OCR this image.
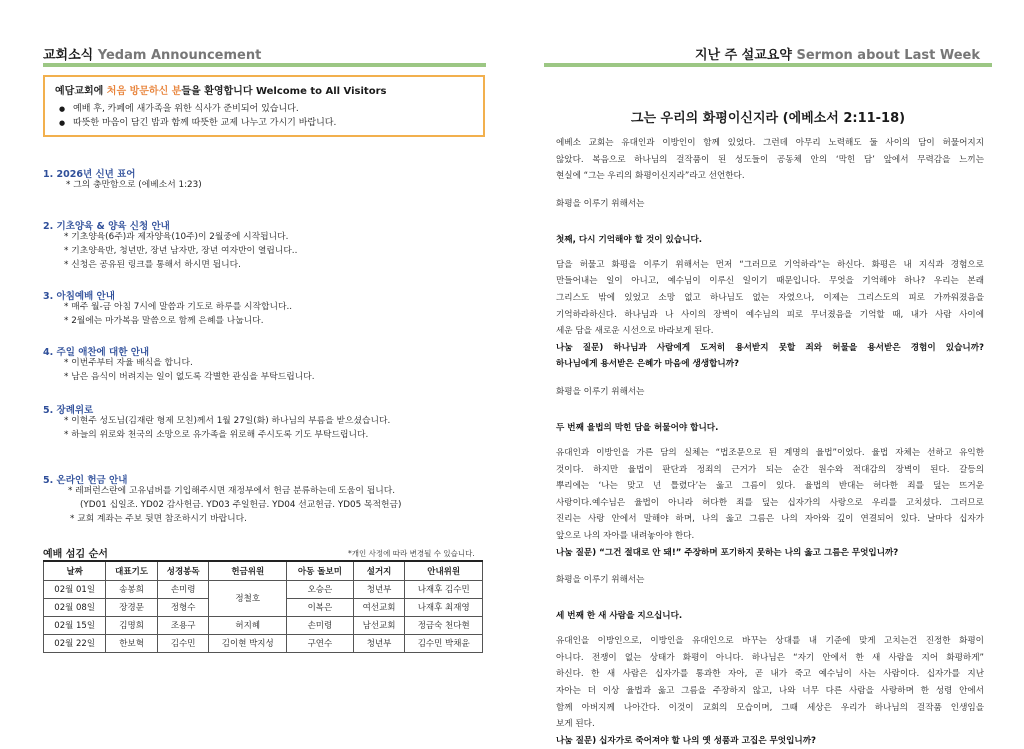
교회소식 Yedam Announcement
예담교회에 처음 방문하신 분들을 환영합니다 Welcome to All Visitors
● 예배 후, 카페에 새가족을 위한 식사가 준비되어 있습니다.
● 따뜻한 마음이 담긴 밥과 함께 따뜻한 교제 나누고 가시기 바랍니다.
1. 2026년 신년 표어
* 그의 충만함으로 (에베소서 1:23)
2. 기초양육 & 양육 신청 안내
* 기초양육(6주)과 제자양육(10주)이 2월중에 시작됩니다.
* 기초양육반, 청년반, 장년 남자반, 장년 여자반이 열립니다..
* 신청은 공유된 링크를 통해서 하시면 됩니다.
3. 아침예배 안내
* 매주 월-금 아침 7시에 말씀과 기도로 하루를 시작합니다..
* 2월에는 마가복음 말씀으로 함께 은혜를 나눕니다.
4. 주일 애찬에 대한 안내
* 이번주부터 자율 배식을 합니다.
* 남은 음식이 버려지는 일이 없도록 각별한 관심을 부탁드립니다.
5. 장례위로
* 이현주 성도님(김재란 형제 모친)께서 1월 27일(화) 하나님의 부름을 받으셨습니다.
* 하늘의 위로와 천국의 소망으로 유가족을 위로해 주시도록 기도 부탁드립니다.
5. 온라인 헌금 안내
* 레퍼런스란에 고유넘버를 기입해주시면 재정부에서 헌금 분류하는데 도움이 됩니다.
(YD01 십일조. YD02 감사헌금. YD03 주일헌금. YD04 선교헌금. YD05 목적헌금)
* 교회 계좌는 주보 뒷면 참조하시기 바랍니다.
예배 섬김 순서	*개인 사정에 따라 변경될 수 있습니다.
날짜	대표기도	성경봉독	헌금위원	아동 돌보미	설거지	안내위원
02월 01일	송봉희	손미령	정철호	오승은	청년부	나재후 김수민
02월 08일	장경문	정형수		이복은	여선교회	나재후 최재영
02월 15일	김명희	조용구	허지혜	손미령	남선교회	정금숙 천다현
02월 22일	한보혁	김수민	김이현 박지성	구연수	청년부	김수민 박채윤
지난 주 설교요약 Sermon about Last Week
그는 우리의 화평이신지라 (에베소서 2:11-18)
에베소 교회는 유대인과 이방인이 함께 있었다. 그런데 아무리 노력해도 둘 사이의 담이 허물어지지
않았다. 복음으로 하나님의 걸작품이 된 성도들이 공동체 안의 ‘막힌 담’ 앞에서 무력감을 느끼는
현실에 “그는 우리의 화평이신지라”라고 선언한다.
화평을 이루기 위해서는
첫째, 다시 기억해야 할 것이 있습니다.
담을 허물고 화평을 이루기 위해서는 먼저 “그러므로 기억하라”는 하신다. 화평은 내 지식과 경험으로
만들어내는 일이 아니고, 예수님이 이루신 일이기 때문입니다. 무엇을 기억해야 하나? 우리는 본래
그리스도 밖에 있었고 소망 없고 하나님도 없는 자였으나, 이제는 그리스도의 피로 가까워졌음을
기억하라하신다. 하나님과 나 사이의 장벽이 예수님의 피로 무너졌음을 기억할 때, 내가 사람 사이에
세운 담을 새로운 시선으로 바라보게 된다.
나눔 질문) 하나님과 사람에게 도저히 용서받지 못할 죄와 허물을 용서받은 경험이 있습니까?
하나님에게 용서받은 은혜가 마음에 생생합니까?
화평을 이루기 위해서는
두 번째 율법의 막힌 담을 허물어야 합니다.
유대인과 이방인을 가른 담의 실체는 “법조문으로 된 계명의 율법”이었다. 율법 자체는 선하고 유익한
것이다. 하지만 율법이 판단과 정죄의 근거가 되는 순간 원수와 적대감의 장벽이 된다. 갈등의
뿌리에는 ‘나는 맞고 넌 틀렸다’는 옳고 그름이 있다. 율법의 반대는 허다한 죄를 덮는 뜨거운
사랑이다.예수님은 율법이 아니라 허다한 죄를 덮는 십자가의 사랑으로 우리를 고치셨다. 그러므로
진리는 사랑 안에서 말해야 하며, 나의 옳고 그름은 나의 자아와 깊이 연결되어 있다. 날마다 십자가
앞으로 나의 자아를 내려놓아야 한다.
나눔 질문) “그건 절대로 안 돼!” 주장하며 포기하지 못하는 나의 옳고 그름은 무엇입니까?
화평을 이루기 위해서는
세 번째 한 새 사람을 지으십니다.
유대인을 이방인으로, 이방인을 유대인으로 바꾸는 상대를 내 기준에 맞게 고치는건 진정한 화평이
아니다. 전쟁이 없는 상태가 화평이 아니다. 하나님은 “자기 안에서 한 새 사람을 지어 화평하게”
하신다. 한 새 사람은 십자가를 통과한 자아, 곧 내가 죽고 예수님이 사는 사람이다. 십자가를 지난
자아는 더 이상 율법과 옳고 그름을 주장하지 않고, 나와 너무 다른 사람을 사랑하며 한 성령 안에서
함께 아버지께 나아간다. 이것이 교회의 모습이며, 그때 세상은 우리가 하나님의 걸작품 인생임을
보게 된다.
나눔 질문) 십자가로 죽어져야 할 나의 옛 성품과 고집은 무엇입니까?
